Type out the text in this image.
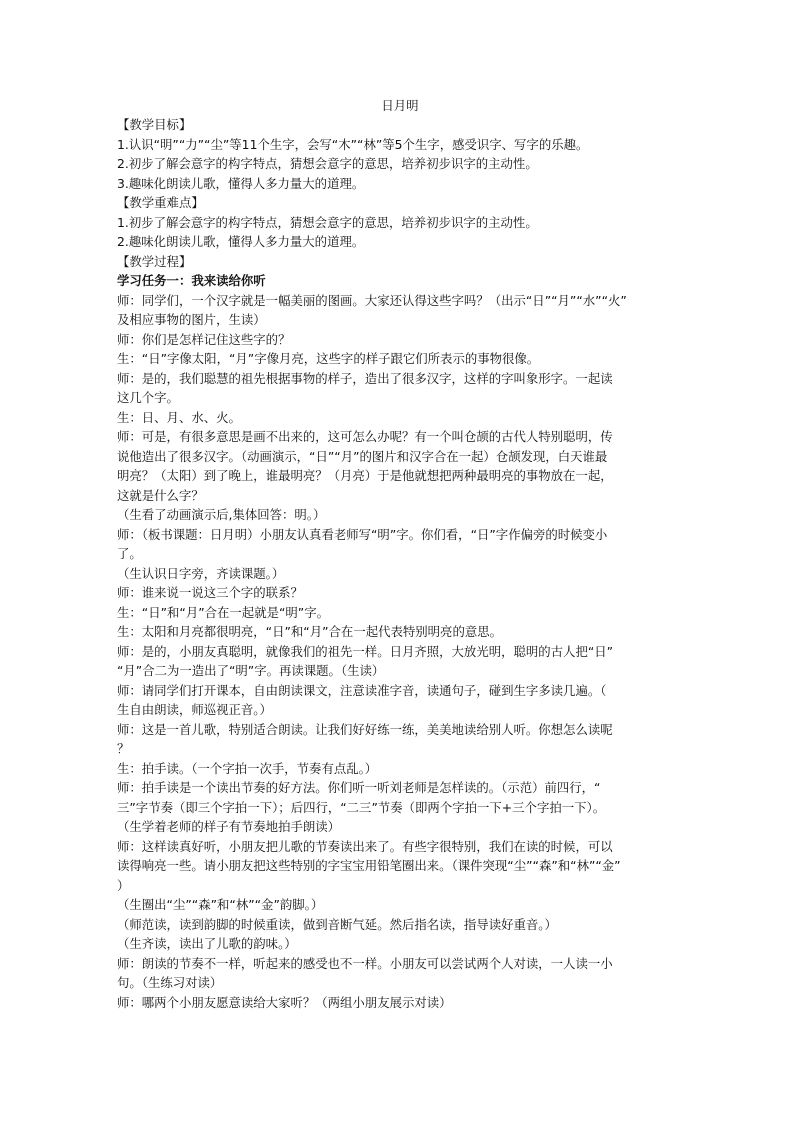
日月明
【教学目标】
1.认识“明”“力”“尘”等11个生字，会写“木”“林”等5个生字，感受识字、写字的乐趣。
2.初步了解会意字的构字特点，猜想会意字的意思，培养初步识字的主动性。
3.趣味化朗读儿歌，懂得人多力量大的道理。
【教学重难点】
1.初步了解会意字的构字特点，猜想会意字的意思，培养初步识字的主动性。
2.趣味化朗读儿歌，懂得人多力量大的道理。
【教学过程】
学习任务一：我来读给你听
师：同学们，一个汉字就是一幅美丽的图画。大家还认得这些字吗？（出示“日”“月”“水”“火”
及相应事物的图片，生读）
师：你们是怎样记住这些字的？
生：“日”字像太阳，“月”字像月亮，这些字的样子跟它们所表示的事物很像。
师：是的，我们聪慧的祖先根据事物的样子，造出了很多汉字，这样的字叫象形字。一起读
这几个字。
生：日、月、水、火。
师：可是，有很多意思是画不出来的，这可怎么办呢？有一个叫仓颉的古代人特别聪明，传
说他造出了很多汉字。（动画演示，“日”“月”的图片和汉字合在一起）仓颉发现，白天谁最
明亮？（太阳）到了晚上，谁最明亮？（月亮）于是他就想把两种最明亮的事物放在一起，
这就是什么字？
（生看了动画演示后,集体回答：明。）
师：（板书课题：日月明）小朋友认真看老师写“明”字。你们看，“日”字作偏旁的时候变小
了。
（生认识日字旁，齐读课题。）
师：谁来说一说这三个字的联系？
生：“日”和“月”合在一起就是“明”字。
生：太阳和月亮都很明亮，“日”和“月”合在一起代表特别明亮的意思。
师：是的，小朋友真聪明，就像我们的祖先一样。日月齐照，大放光明，聪明的古人把“日”
“月”合二为一造出了“明”字。再读课题。（生读）
师：请同学们打开课本，自由朗读课文，注意读准字音，读通句子，碰到生字多读几遍。（
生自由朗读，师巡视正音。）
师：这是一首儿歌，特别适合朗读。让我们好好练一练，美美地读给别人听。你想怎么读呢
？
生：拍手读。（一个字拍一次手，节奏有点乱。）
师：拍手读是一个读出节奏的好方法。你们听一听刘老师是怎样读的。（示范）前四行，“
三”字节奏（即三个字拍一下）；后四行，“二三”节奏（即两个字拍一下+三个字拍一下）。
（生学着老师的样子有节奏地拍手朗读）
师：这样读真好听，小朋友把儿歌的节奏读出来了。有些字很特别，我们在读的时候，可以
读得响亮一些。请小朋友把这些特别的字宝宝用铅笔圈出来。（课件突现“尘”“森”和“林”“金”
）
（生圈出“尘”“森”和“林”“金”韵脚。）
（师范读，读到韵脚的时候重读，做到音断气延。然后指名读，指导读好重音。）
（生齐读，读出了儿歌的韵味。）
师：朗读的节奏不一样，听起来的感受也不一样。小朋友可以尝试两个人对读，一人读一小
句。（生练习对读）
师：哪两个小朋友愿意读给大家听？（两组小朋友展示对读）
